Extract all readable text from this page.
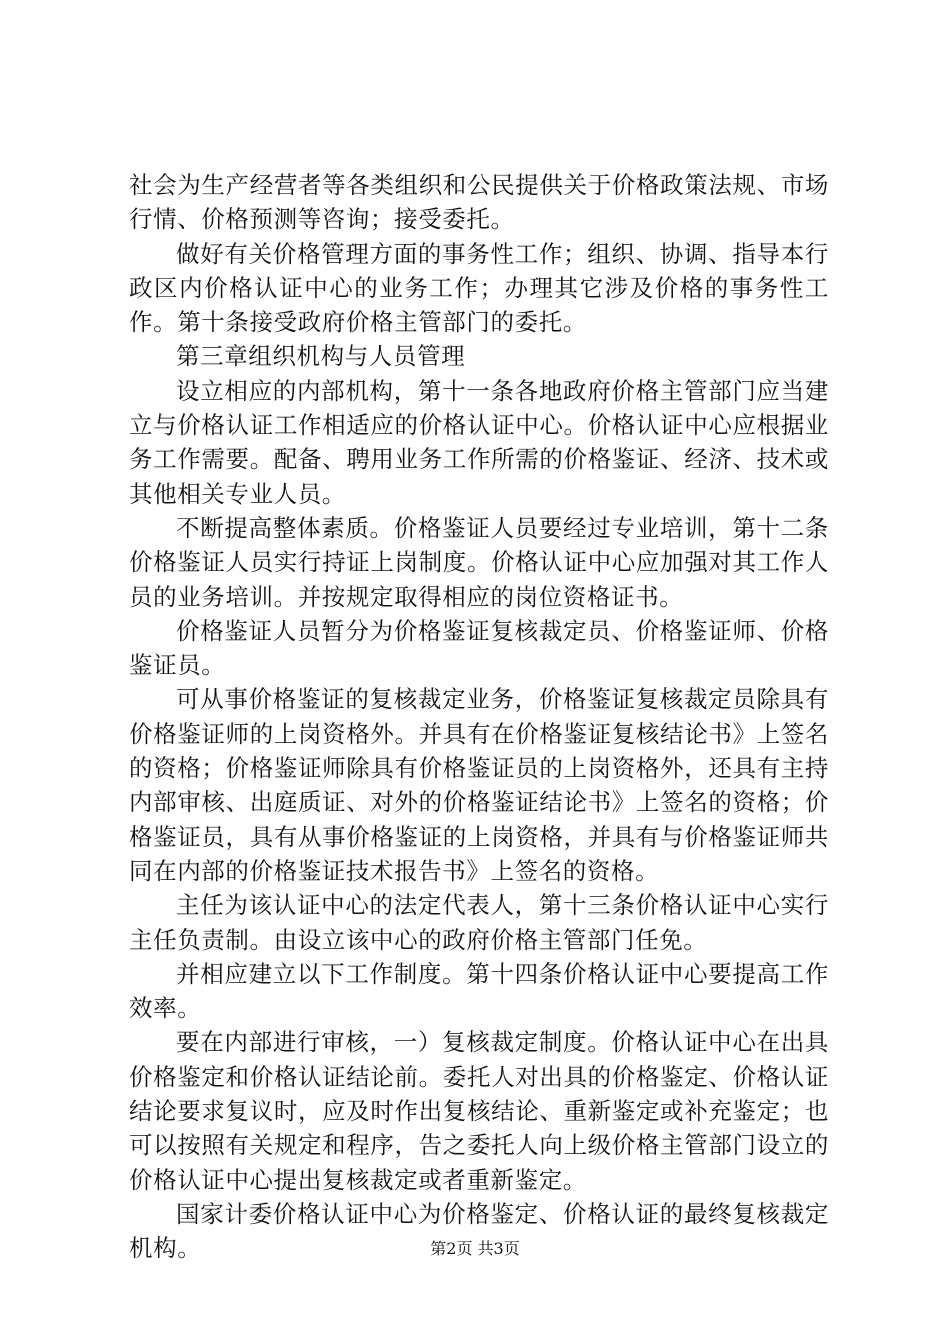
社会为生产经营者等各类组织和公民提供关于价格政策法规、市场行情、价格预测等咨询；接受委托。

做好有关价格管理方面的事务性工作；组织、协调、指导本行政区内价格认证中心的业务工作；办理其它涉及价格的事务性工作。第十条接受政府价格主管部门的委托。

第三章组织机构与人员管理

设立相应的内部机构，第十一条各地政府价格主管部门应当建立与价格认证工作相适应的价格认证中心。价格认证中心应根据业务工作需要。配备、聘用业务工作所需的价格鉴证、经济、技术或其他相关专业人员。

不断提高整体素质。价格鉴证人员要经过专业培训，第十二条价格鉴证人员实行持证上岗制度。价格认证中心应加强对其工作人员的业务培训。并按规定取得相应的岗位资格证书。

价格鉴证人员暂分为价格鉴证复核裁定员、价格鉴证师、价格鉴证员。

可从事价格鉴证的复核裁定业务，价格鉴证复核裁定员除具有价格鉴证师的上岗资格外。并具有在价格鉴证复核结论书》上签名的资格；价格鉴证师除具有价格鉴证员的上岗资格外，还具有主持内部审核、出庭质证、对外的价格鉴证结论书》上签名的资格；价格鉴证员，具有从事价格鉴证的上岗资格，并具有与价格鉴证师共同在内部的价格鉴证技术报告书》上签名的资格。

主任为该认证中心的法定代表人，第十三条价格认证中心实行主任负责制。由设立该中心的政府价格主管部门任免。

并相应建立以下工作制度。第十四条价格认证中心要提高工作效率。

要在内部进行审核，一）复核裁定制度。价格认证中心在出具价格鉴定和价格认证结论前。委托人对出具的价格鉴定、价格认证结论要求复议时，应及时作出复核结论、重新鉴定或补充鉴定；也可以按照有关规定和程序，告之委托人向上级价格主管部门设立的价格认证中心提出复核裁定或者重新鉴定。

国家计委价格认证中心为价格鉴定、价格认证的最终复核裁定机构。	第2页 共3页
